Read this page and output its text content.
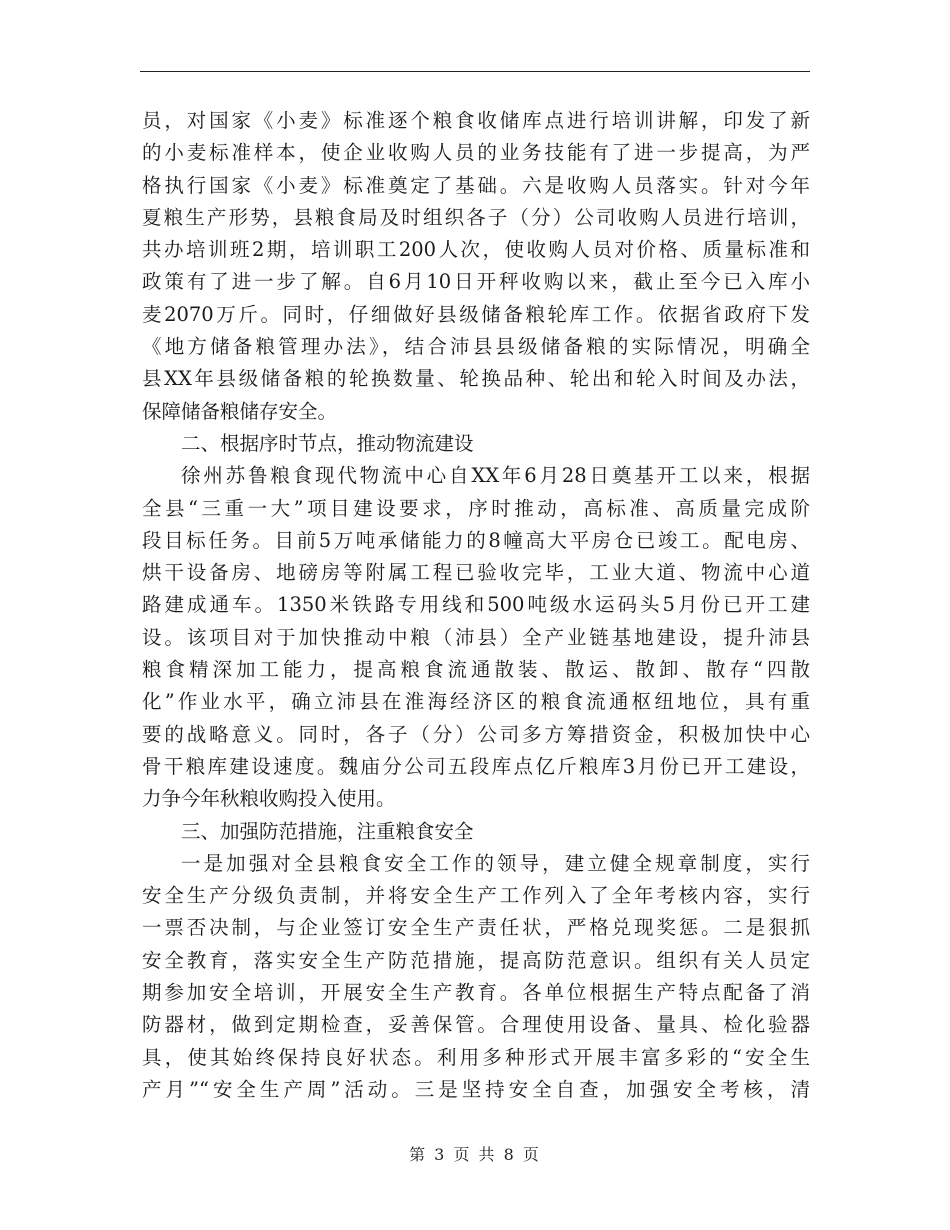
员，对国家《小麦》标准逐个粮食收储库点进行培训讲解，印发了新
的小麦标准样本，使企业收购人员的业务技能有了进一步提高，为严
格执行国家《小麦》标准奠定了基础。六是收购人员落实。针对今年
夏粮生产形势，县粮食局及时组织各子（分）公司收购人员进行培训，
共办培训班2期，培训职工200人次，使收购人员对价格、质量标准和
政策有了进一步了解。自6月10日开秤收购以来，截止至今已入库小
麦2070万斤。同时，仔细做好县级储备粮轮库工作。依据省政府下发
《地方储备粮管理办法》，结合沛县县级储备粮的实际情况，明确全
县XX年县级储备粮的轮换数量、轮换品种、轮出和轮入时间及办法，
保障储备粮储存安全。
二、根据序时节点，推动物流建设
徐州苏鲁粮食现代物流中心自XX年6月28日奠基开工以来，根据
全县“三重一大”项目建设要求，序时推动，高标准、高质量完成阶
段目标任务。目前5万吨承储能力的8幢高大平房仓已竣工。配电房、
烘干设备房、地磅房等附属工程已验收完毕，工业大道、物流中心道
路建成通车。1350米铁路专用线和500吨级水运码头5月份已开工建
设。该项目对于加快推动中粮（沛县）全产业链基地建设，提升沛县
粮食精深加工能力，提高粮食流通散装、散运、散卸、散存“四散
化”作业水平，确立沛县在淮海经济区的粮食流通枢纽地位，具有重
要的战略意义。同时，各子（分）公司多方筹措资金，积极加快中心
骨干粮库建设速度。魏庙分公司五段库点亿斤粮库3月份已开工建设，
力争今年秋粮收购投入使用。
三、加强防范措施，注重粮食安全
一是加强对全县粮食安全工作的领导，建立健全规章制度，实行
安全生产分级负责制，并将安全生产工作列入了全年考核内容，实行
一票否决制，与企业签订安全生产责任状，严格兑现奖惩。二是狠抓
安全教育，落实安全生产防范措施，提高防范意识。组织有关人员定
期参加安全培训，开展安全生产教育。各单位根据生产特点配备了消
防器材，做到定期检查，妥善保管。合理使用设备、量具、检化验器
具，使其始终保持良好状态。利用多种形式开展丰富多彩的“安全生
产月”“安全生产周”活动。三是坚持安全自查，加强安全考核，清
第 3 页 共 8 页
